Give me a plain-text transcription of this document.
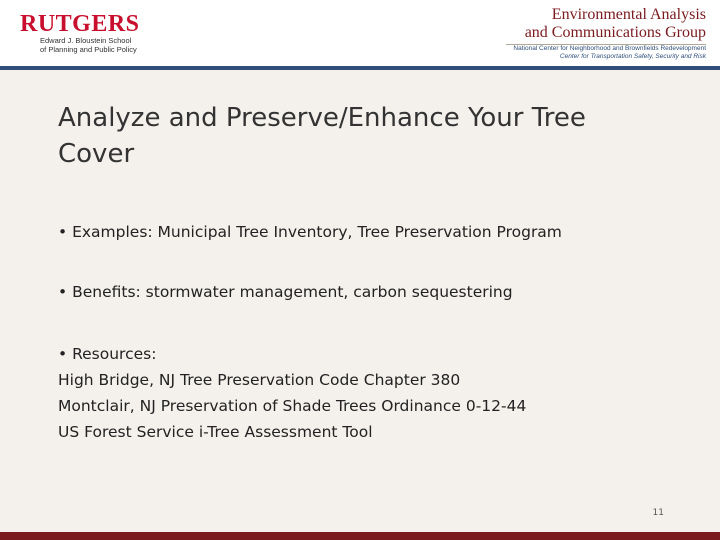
RUTGERS
Edward J. Bloustein School
of Planning and Public Policy
Environmental Analysis
and Communications Group
National Center for Neighborhood and Brownfields Redevelopment
Center for Transportation Safety, Security and Risk
Analyze and Preserve/Enhance Your Tree Cover
• Examples: Municipal Tree Inventory, Tree Preservation Program
• Benefits: stormwater management, carbon sequestering
• Resources:
High Bridge, NJ Tree Preservation Code Chapter 380
Montclair, NJ Preservation of Shade Trees Ordinance 0-12-44
US Forest Service i-Tree Assessment Tool
11
